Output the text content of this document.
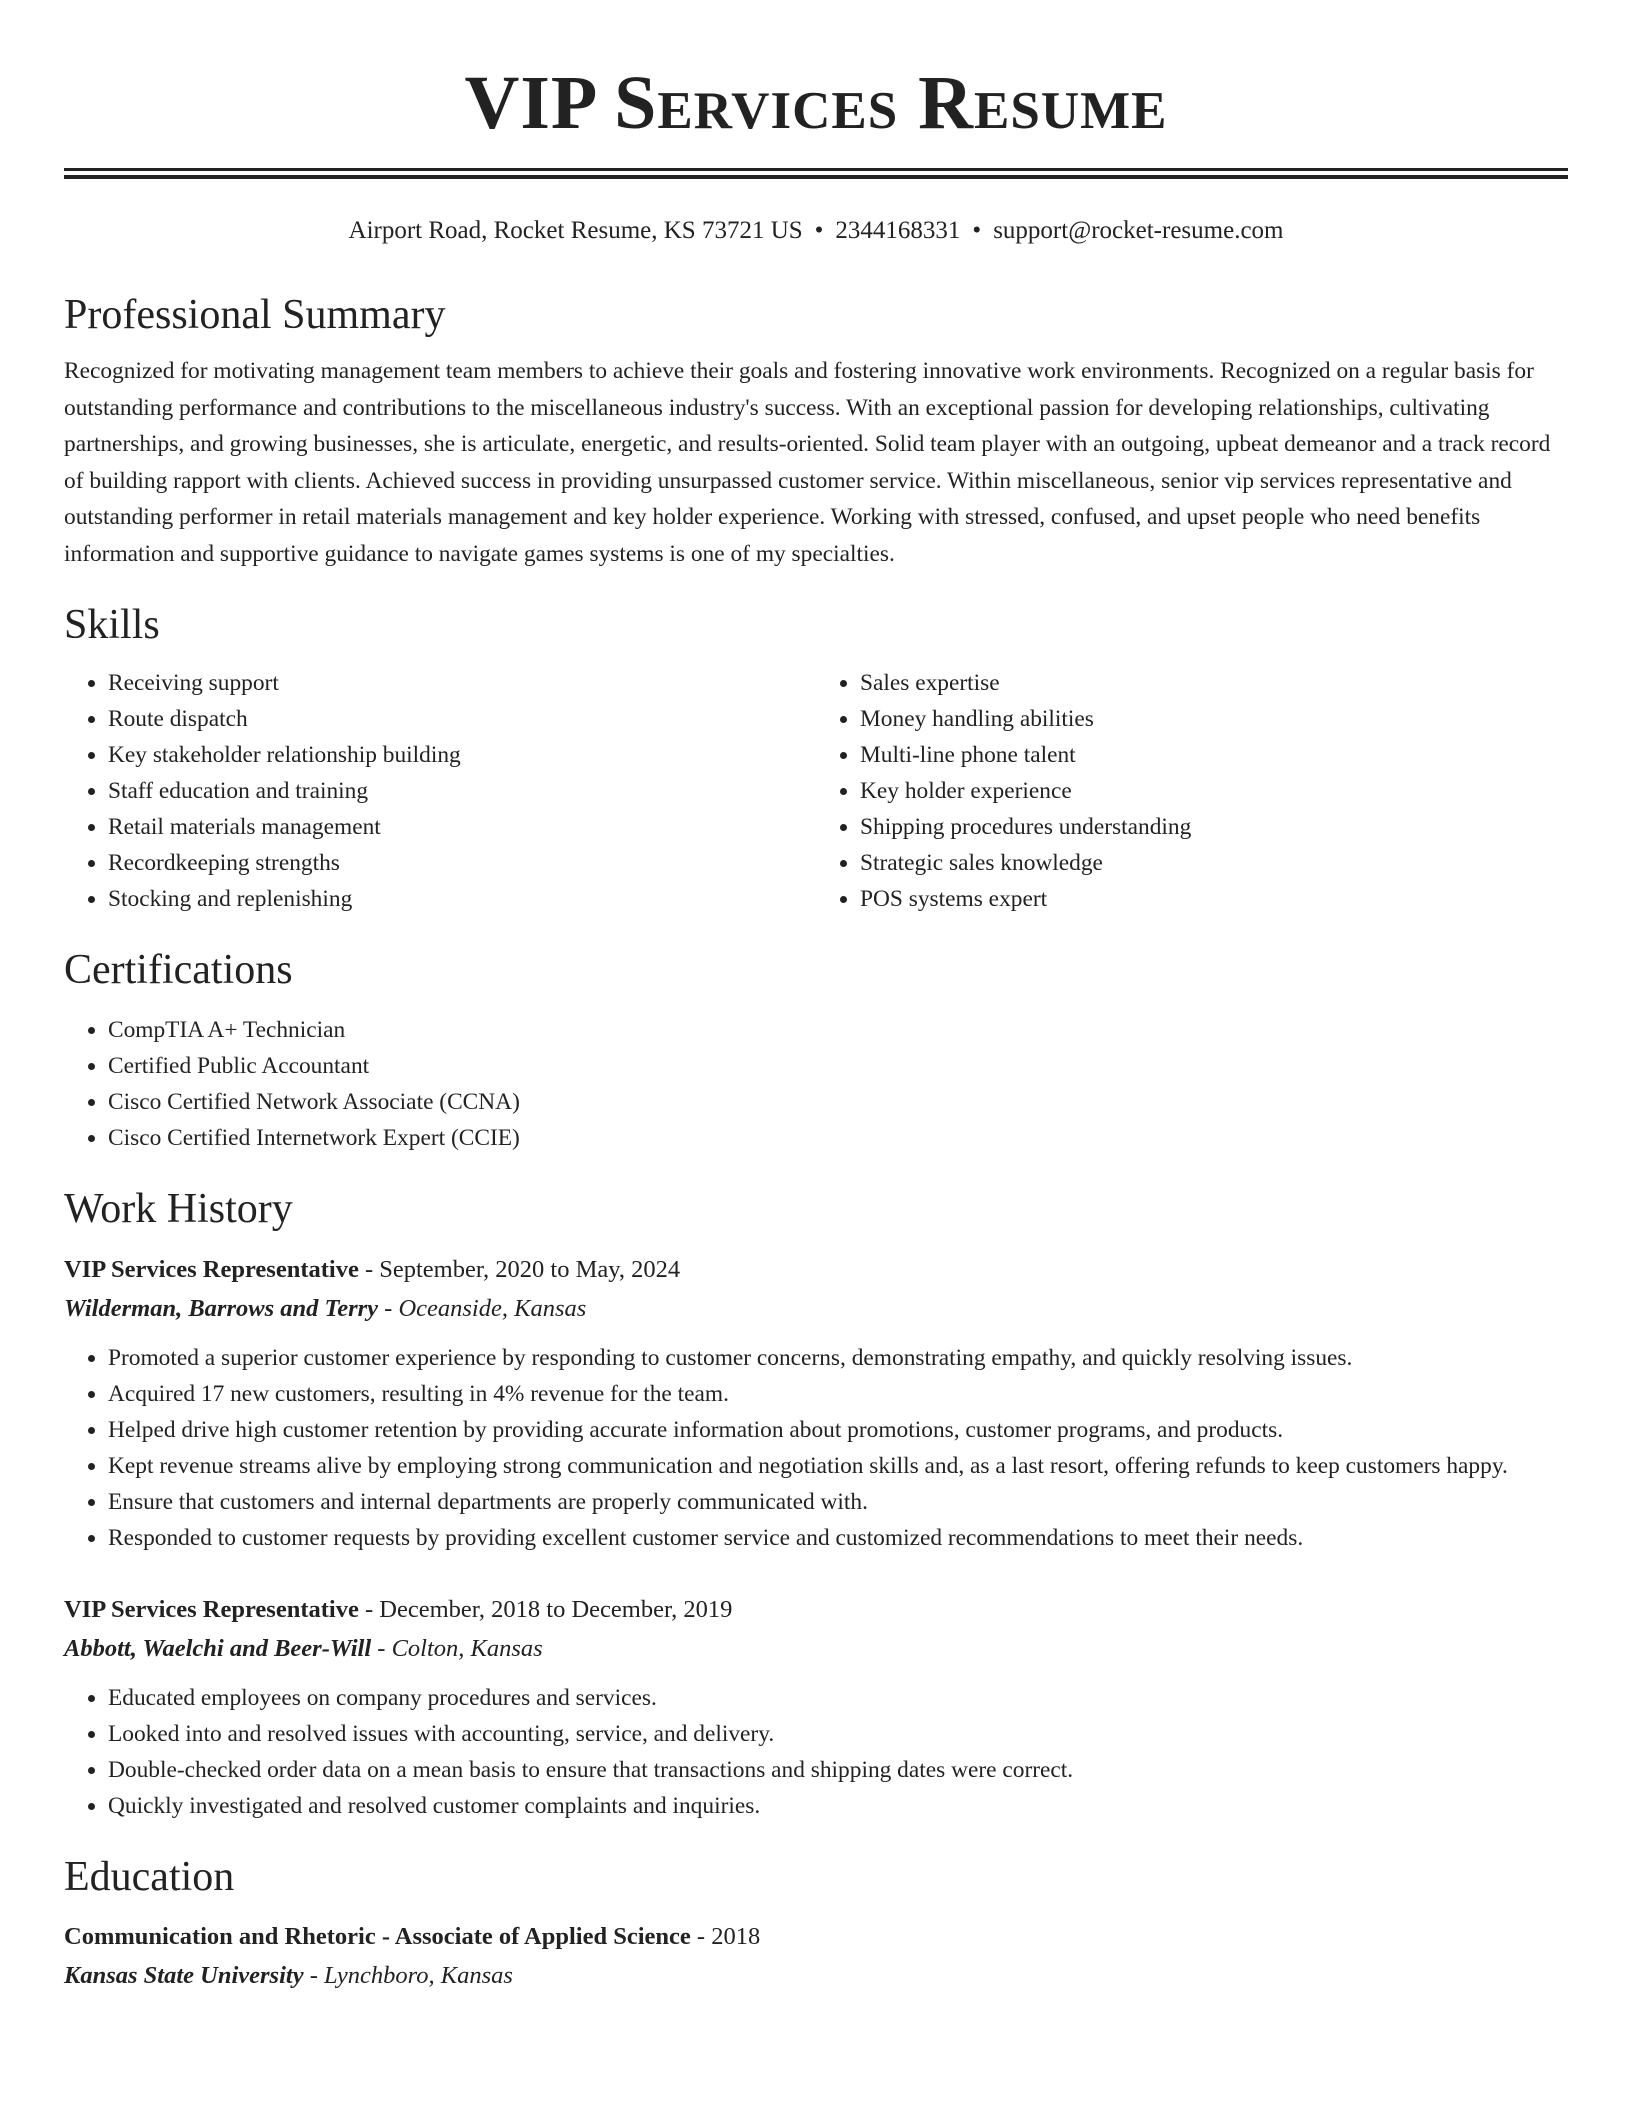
VIP Services Resume
Airport Road, Rocket Resume, KS 73721 US • 2344168331 • support@rocket-resume.com
Professional Summary

Recognized for motivating management team members to achieve their goals and fostering innovative work environments. Recognized on a regular basis for outstanding performance and contributions to the miscellaneous industry's success. With an exceptional passion for developing relationships, cultivating partnerships, and growing businesses, she is articulate, energetic, and results-oriented. Solid team player with an outgoing, upbeat demeanor and a track record of building rapport with clients. Achieved success in providing unsurpassed customer service. Within miscellaneous, senior vip services representative and outstanding performer in retail materials management and key holder experience. Working with stressed, confused, and upset people who need benefits information and supportive guidance to navigate games systems is one of my specialties.

Skills
• Receiving support
• Route dispatch
• Key stakeholder relationship building
• Staff education and training
• Retail materials management
• Recordkeeping strengths
• Stocking and replenishing
• Sales expertise
• Money handling abilities
• Multi-line phone talent
• Key holder experience
• Shipping procedures understanding
• Strategic sales knowledge
• POS systems expert
Certifications
• CompTIA A+ Technician
• Certified Public Accountant
• Cisco Certified Network Associate (CCNA)
• Cisco Certified Internetwork Expert (CCIE)
Work History
VIP Services Representative - September, 2020 to May, 2024
Wilderman, Barrows and Terry - Oceanside, Kansas
• Promoted a superior customer experience by responding to customer concerns, demonstrating empathy, and quickly resolving issues.
• Acquired 17 new customers, resulting in 4% revenue for the team.
• Helped drive high customer retention by providing accurate information about promotions, customer programs, and products.
• Kept revenue streams alive by employing strong communication and negotiation skills and, as a last resort, offering refunds to keep customers happy.
• Ensure that customers and internal departments are properly communicated with.
• Responded to customer requests by providing excellent customer service and customized recommendations to meet their needs.
VIP Services Representative - December, 2018 to December, 2019
Abbott, Waelchi and Beer-Will - Colton, Kansas
• Educated employees on company procedures and services.
• Looked into and resolved issues with accounting, service, and delivery.
• Double-checked order data on a mean basis to ensure that transactions and shipping dates were correct.
• Quickly investigated and resolved customer complaints and inquiries.
Education
Communication and Rhetoric - Associate of Applied Science - 2018
Kansas State University - Lynchboro, Kansas
